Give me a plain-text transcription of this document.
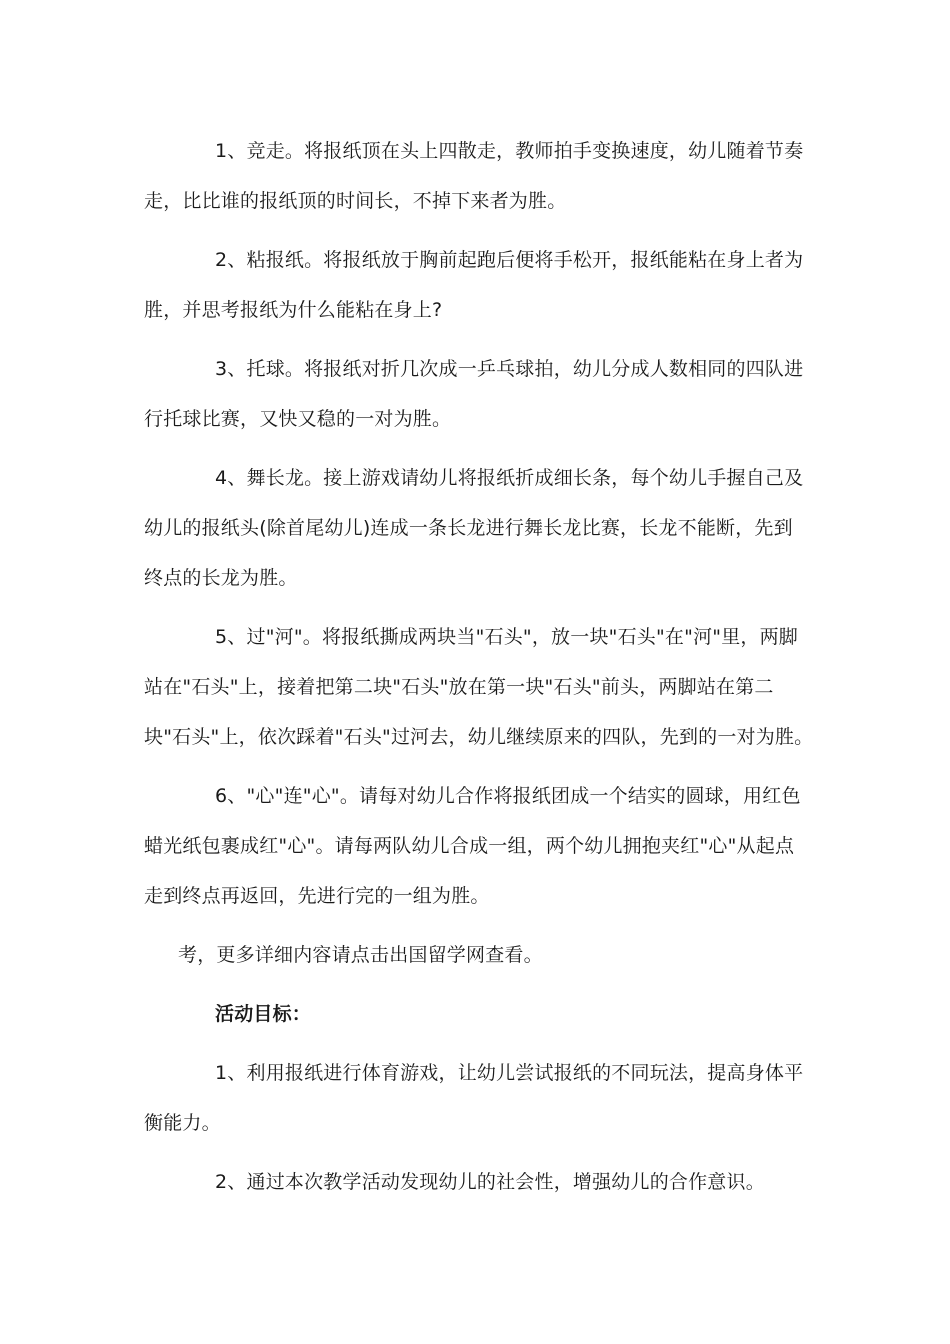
1、竞走。将报纸顶在头上四散走，教师拍手变换速度，幼儿随着节奏
走，比比谁的报纸顶的时间长，不掉下来者为胜。
2、粘报纸。将报纸放于胸前起跑后便将手松开，报纸能粘在身上者为
胜，并思考报纸为什么能粘在身上?
3、托球。将报纸对折几次成一乒乓球拍，幼儿分成人数相同的四队进
行托球比赛，又快又稳的一对为胜。
4、舞长龙。接上游戏请幼儿将报纸折成细长条，每个幼儿手握自己及
幼儿的报纸头(除首尾幼儿)连成一条长龙进行舞长龙比赛，长龙不能断，先到
终点的长龙为胜。
5、过"河"。将报纸撕成两块当"石头"，放一块"石头"在"河"里，两脚
站在"石头"上，接着把第二块"石头"放在第一块"石头"前头，两脚站在第二
块"石头"上，依次踩着"石头"过河去，幼儿继续原来的四队，先到的一对为胜。
6、"心"连"心"。请每对幼儿合作将报纸团成一个结实的圆球，用红色
蜡光纸包裹成红"心"。请每两队幼儿合成一组，两个幼儿拥抱夹红"心"从起点
走到终点再返回，先进行完的一组为胜。
考，更多详细内容请点击出国留学网查看。
活动目标：
1、利用报纸进行体育游戏，让幼儿尝试报纸的不同玩法，提高身体平
衡能力。
2、通过本次教学活动发现幼儿的社会性，增强幼儿的合作意识。
